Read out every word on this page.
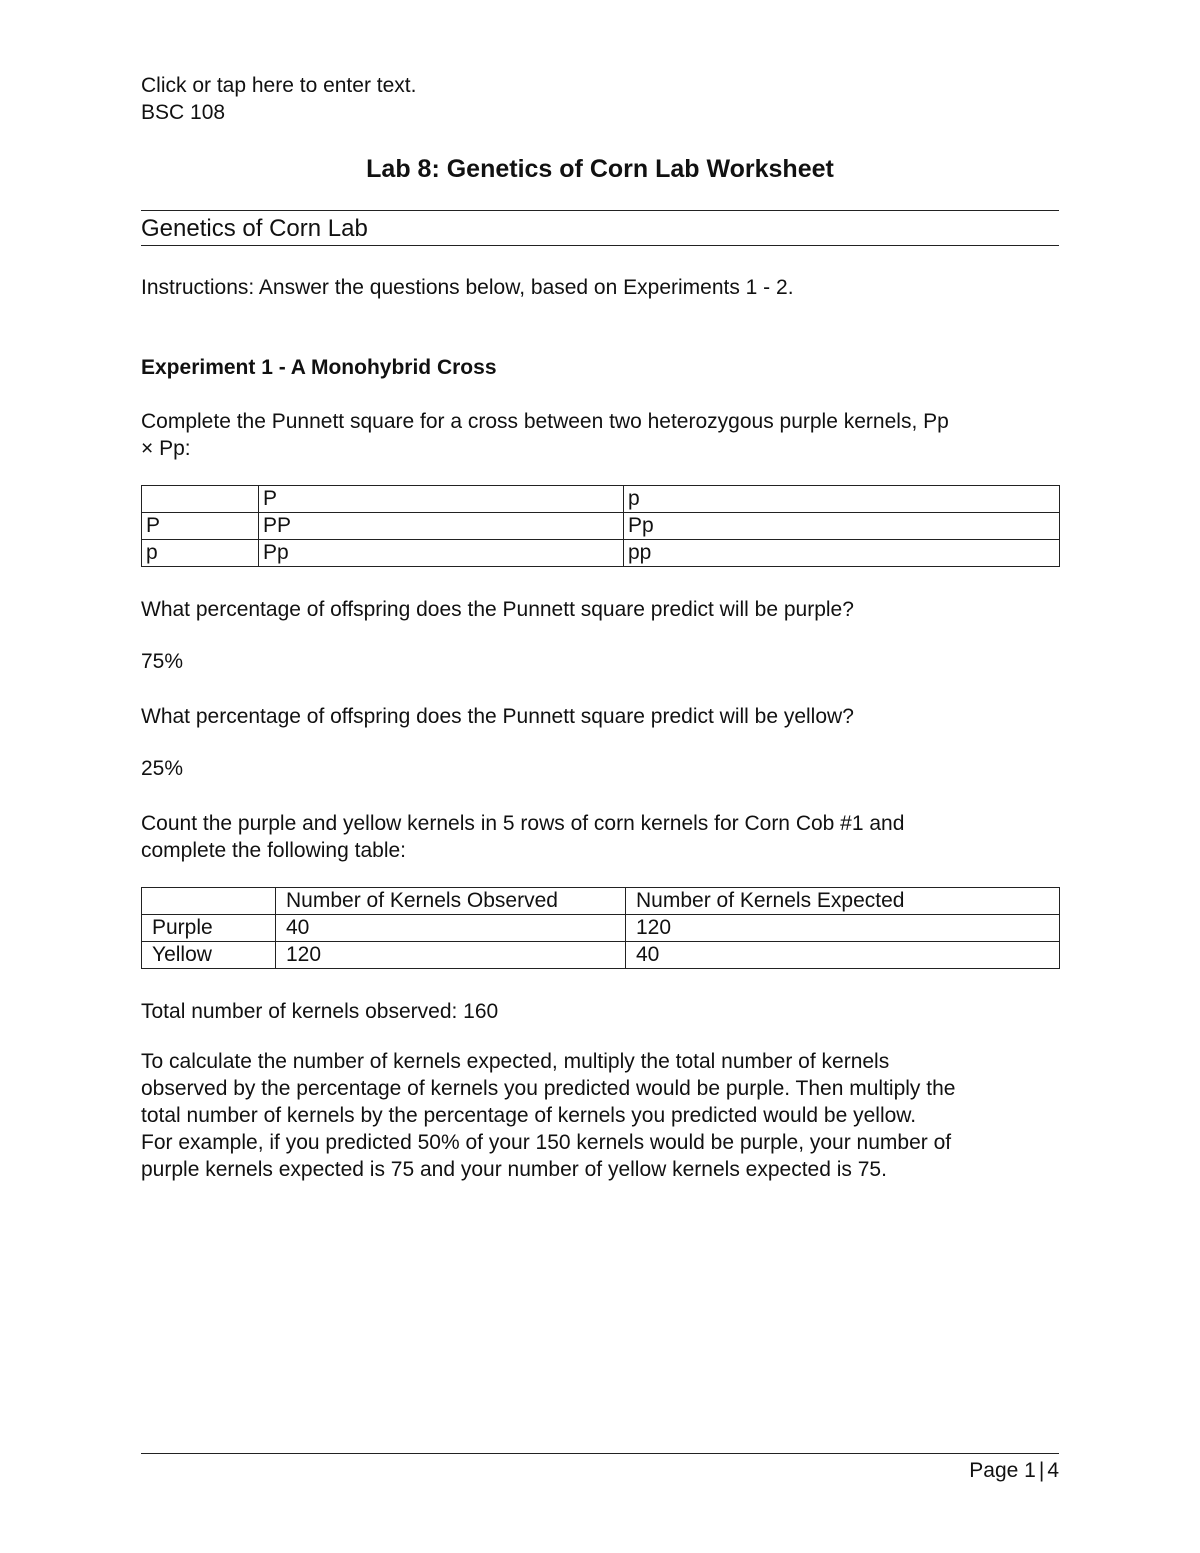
Click or tap here to enter text.
BSC 108
Lab 8: Genetics of Corn Lab Worksheet
Genetics of Corn Lab
Instructions: Answer the questions below, based on Experiments 1 - 2.
Experiment 1 - A Monohybrid Cross
Complete the Punnett square for a cross between two heterozygous purple kernels, Pp
× Pp:
	P	p
P	PP	Pp
p	Pp	pp
What percentage of offspring does the Punnett square predict will be purple?
75%
What percentage of offspring does the Punnett square predict will be yellow?
25%
Count the purple and yellow kernels in 5 rows of corn kernels for Corn Cob #1 and
complete the following table:
	Number of Kernels Observed	Number of Kernels Expected
Purple	40	120
Yellow	120	40
Total number of kernels observed: 160
To calculate the number of kernels expected, multiply the total number of kernels
observed by the percentage of kernels you predicted would be purple. Then multiply the
total number of kernels by the percentage of kernels you predicted would be yellow.
For example, if you predicted 50% of your 150 kernels would be purple, your number of
purple kernels expected is 75 and your number of yellow kernels expected is 75.
Page 1 | 4
